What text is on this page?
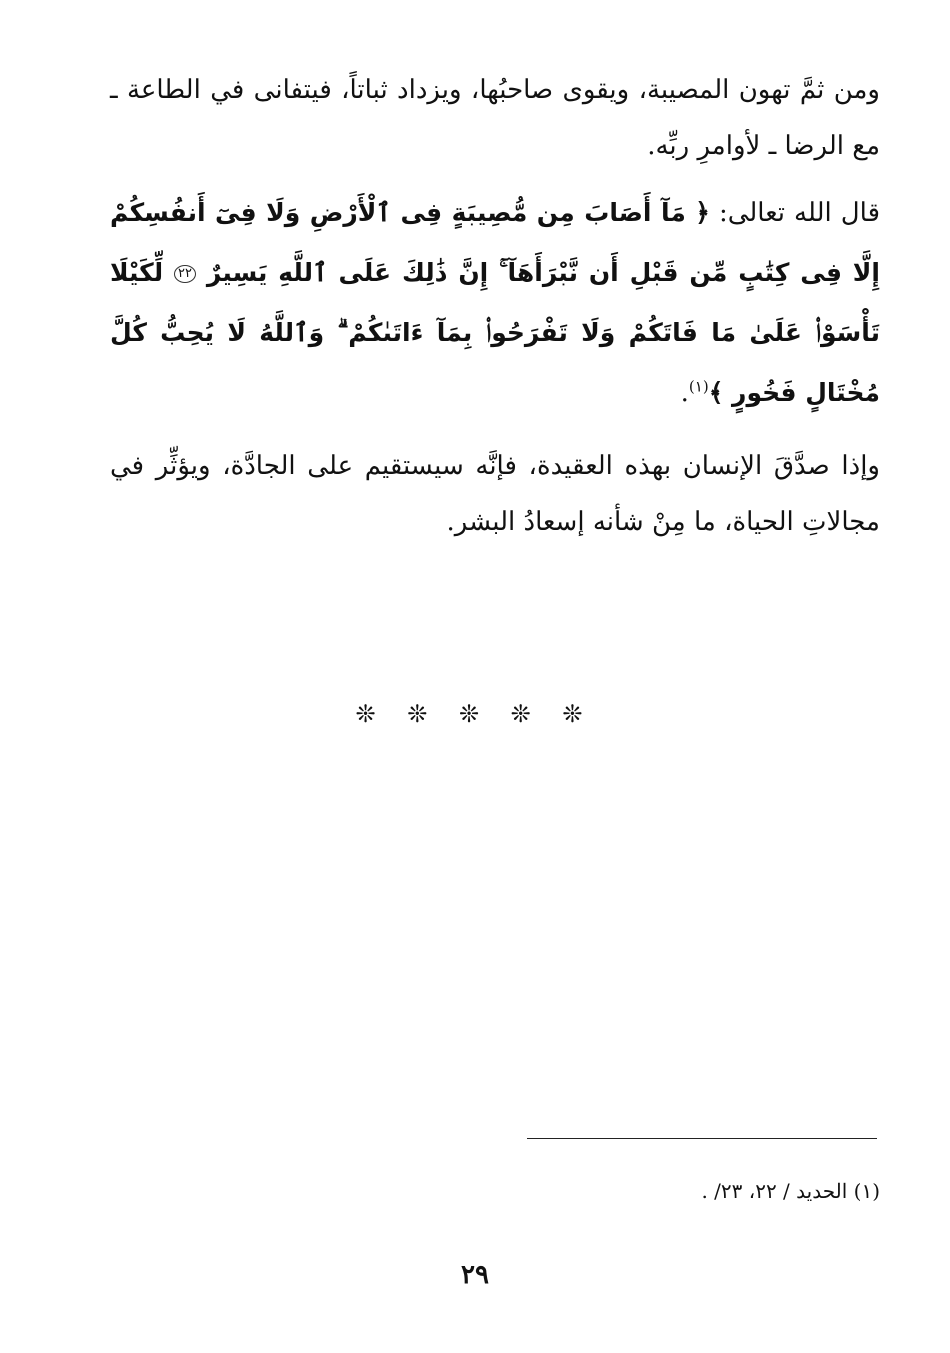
ومن ثمَّ تهون المصيبة، ويقوى صاحبُها، ويزداد ثباتاً، فيتفانى في الطاعة ـ مع الرضا ـ لأوامرِ ربِّه.

قال الله تعالى: ﴿ مَآ أَصَابَ مِن مُّصِيبَةٍ فِى ٱلْأَرْضِ وَلَا فِىٓ أَنفُسِكُمْ إِلَّا فِى كِتَٰبٍ مِّن قَبْلِ أَن نَّبْرَأَهَآ ۚ إِنَّ ذَٰلِكَ عَلَى ٱللَّهِ يَسِيرٌ ٢٢ لِّكَيْلَا تَأْسَوْا۟ عَلَىٰ مَا فَاتَكُمْ وَلَا تَفْرَحُوا۟ بِمَآ ءَاتَىٰكُمْ ۗ وَٱللَّهُ لَا يُحِبُّ كُلَّ مُخْتَالٍ فَخُورٍ ﴾$^{(١)}$.

وإذا صدَّقَ الإنسان بهذه العقيدة، فإنَّه سيستقيم على الجادَّة، ويؤثِّر في مجالاتِ الحياة، ما مِنْ شأنه إسعادُ البشر.

❊ ❊ ❊ ❊ ❊

(١) الحديد / ٢٢، ٢٣/ .

٢٩
